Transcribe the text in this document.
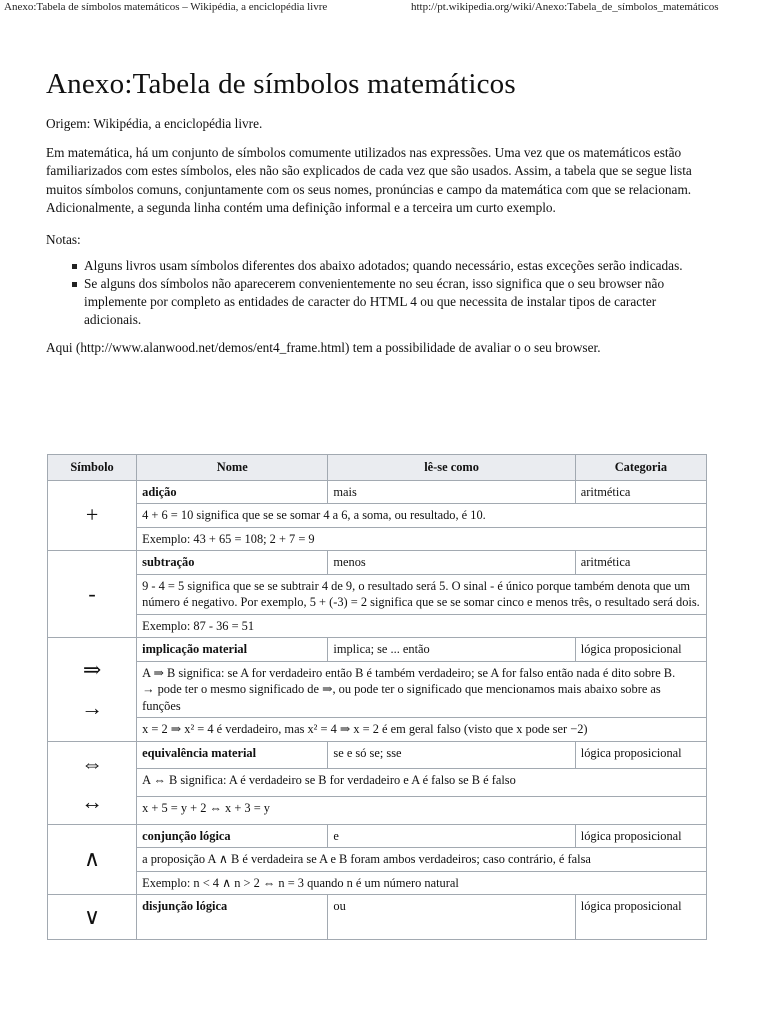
Anexo:Tabela de símbolos matemáticos – Wikipédia, a enciclopédia livre	http://pt.wikipedia.org/wiki/Anexo:Tabela_de_símbolos_matemáticos
Anexo:Tabela de símbolos matemáticos

Origem: Wikipédia, a enciclopédia livre.

Em matemática, há um conjunto de símbolos comumente utilizados nas expressões. Uma vez que os matemáticos estão familiarizados com estes símbolos, eles não são explicados de cada vez que são usados. Assim, a tabela que se segue lista muitos símbolos comuns, conjuntamente com os seus nomes, pronúncias e campo da matemática com que se relacionam. Adicionalmente, a segunda linha contém uma definição informal e a terceira um curto exemplo.

Notas:

Alguns livros usam símbolos diferentes dos abaixo adotados; quando necessário, estas exceções serão indicadas.
Se alguns dos símbolos não aparecerem convenientemente no seu écran, isso significa que o seu browser não implemente por completo as entidades de caracter do HTML 4 ou que necessita de instalar tipos de caracter adicionais.

Aqui (http://www.alanwood.net/demos/ent4_frame.html) tem a possibilidade de avaliar o o seu browser.

Símbolo	Nome	lê-se como	Categoria

+	adição	mais	aritmética
	4 + 6 = 10 significa que se se somar 4 a 6, a soma, ou resultado, é 10.		
	Exemplo: 43 + 65 = 108; 2 + 7 = 9		

-	subtração	menos	aritmética
	9 - 4 = 5 significa que se se subtrair 4 de 9, o resultado será 5. O sinal - é único porque também denota que um número é negativo. Por exemplo, 5 + (-3) = 2 significa que se se somar cinco e menos três, o resultado será dois.		
	Exemplo: 87 - 36 = 51		

⇒
→	implicação material	implica; se ... então	lógica proposicional

	A ⇒ B significa: se A for verdadeiro então B é também verdadeiro; se A for falso então nada é dito sobre B.
→ pode ter o mesmo significado de ⇒, ou pode ter o significado que mencionamos mais abaixo sobre as funções		

	x = 2 ⇒ x² = 4 é verdadeiro, mas x² = 4 ⇒ x = 2 é em geral falso (visto que x pode ser −2)		

⇔
↔	equivalência material	se e só se; sse	lógica proposicional
	A ⇔ B significa: A é verdadeiro se B for verdadeiro e A é falso se B é falso		
	x + 5 = y + 2 ⇔ x + 3 = y		

∧	conjunção lógica	e	lógica proposicional
	a proposição A ∧ B é verdadeira se A e B foram ambos verdadeiros; caso contrário, é falsa		
	Exemplo: n < 4 ∧ n > 2 ⇔ n = 3 quando n é um número natural		

∨	disjunção lógica	ou	lógica proposicional
